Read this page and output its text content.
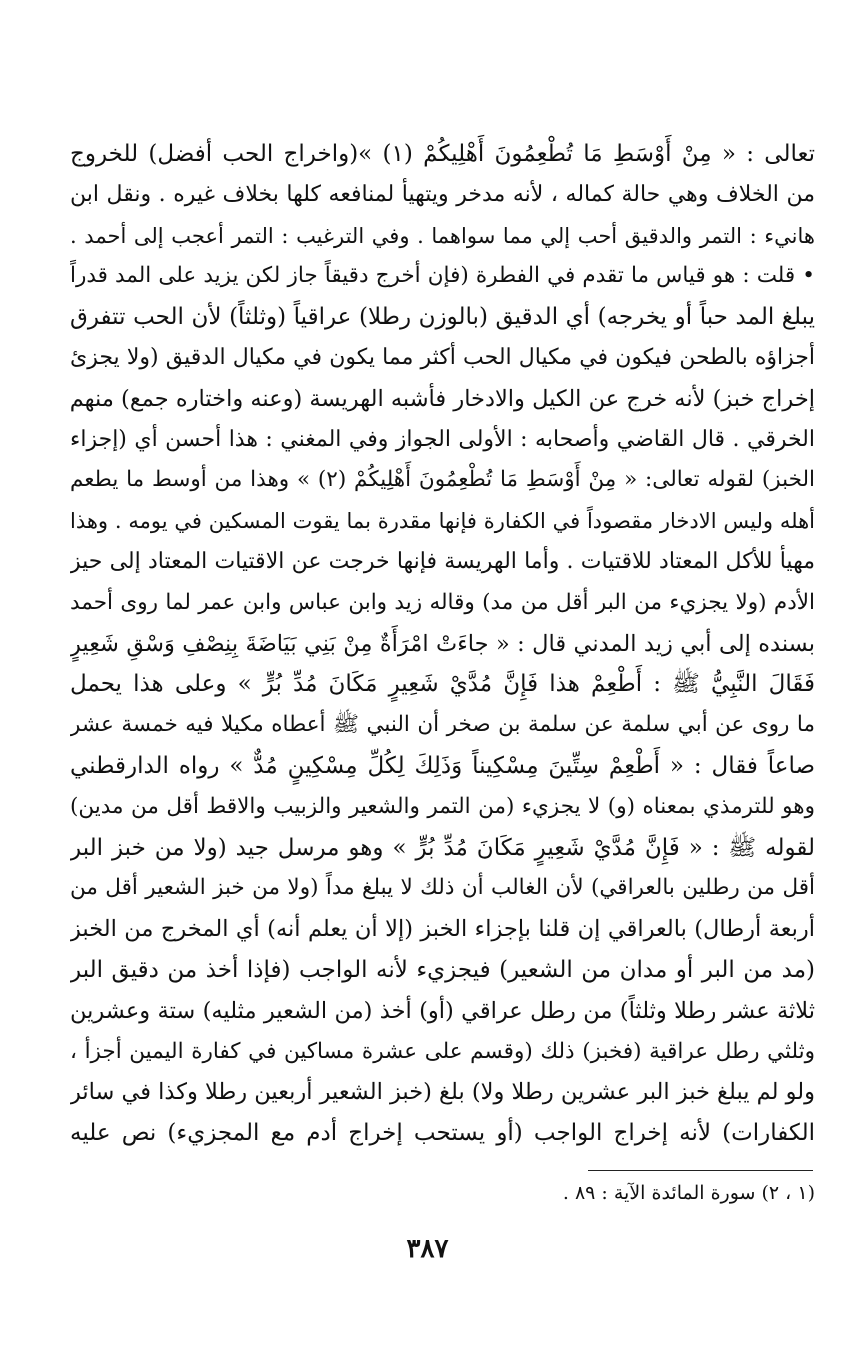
تعالى : « مِنْ أَوْسَطِ مَا تُطْعِمُونَ أَهْلِيكُمْ (١) »(واخراج الحب أفضل) للخروج
من الخلاف وهي حالة كماله ، لأنه مدخر ويتهيأ لمنافعه كلها بخلاف غيره . ونقل ابن
هانيء : التمر والدقيق أحب إلي مما سواهما . وفي الترغيب : التمر أعجب إلى أحمد .
• قلت : هو قياس ما تقدم في الفطرة (فإن أخرج دقيقاً جاز لكن يزيد على المد قدراً
يبلغ المد حباً أو يخرجه) أي الدقيق (بالوزن رطلا) عراقياً (وثلثاً) لأن الحب تتفرق
أجزاؤه بالطحن فيكون في مكيال الحب أكثر مما يكون في مكيال الدقيق (ولا يجزئ
إخراج خبز) لأنه خرج عن الكيل والادخار فأشبه الهريسة (وعنه واختاره جمع) منهم
الخرقي . قال القاضي وأصحابه : الأولى الجواز وفي المغني : هذا أحسن أي (إجزاء
الخبز) لقوله تعالى: « مِنْ أَوْسَطِ مَا تُطْعِمُونَ أَهْلِيكُمْ (٢) » وهذا من أوسط ما يطعم
أهله وليس الادخار مقصوداً في الكفارة فإنها مقدرة بما يقوت المسكين في يومه . وهذا
مهيأ للأكل المعتاد للاقتيات . وأما الهريسة فإنها خرجت عن الاقتيات المعتاد إلى حيز
الأدم (ولا يجزيء من البر أقل من مد) وقاله زيد وابن عباس وابن عمر لما روى أحمد
بسنده إلى أبي زيد المدني قال : « جاءَتْ امْرَأَةٌ مِنْ بَنِي بَيَاضَةَ بِنِصْفِ وَسْقِ شَعِيرٍ
فَقَالَ النَّبِيُّ ﷺ : أَطْعِمْ هذا فَإِنَّ مُدَّيْ شَعِيرٍ مَكَانَ مُدِّ بُرٍّ » وعلى هذا يحمل
ما روى عن أبي سلمة عن سلمة بن صخر أن النبي ﷺ أعطاه مكيلا فيه خمسة عشر
صاعاً فقال : « أَطْعِمْ سِتِّينَ مِسْكِيناً وَذَلِكَ لِكُلِّ مِسْكِينٍ مُدٌّ » رواه الدارقطني
وهو للترمذي بمعناه (و) لا يجزيء (من التمر والشعير والزبيب والاقط أقل من مدين)
لقوله ﷺ : « فَإِنَّ مُدَّيْ شَعِيرٍ مَكَانَ مُدِّ بُرٍّ » وهو مرسل جيد (ولا من خبز البر
أقل من رطلين بالعراقي) لأن الغالب أن ذلك لا يبلغ مداً (ولا من خبز الشعير أقل من
أربعة أرطال) بالعراقي إن قلنا بإجزاء الخبز (إلا أن يعلم أنه) أي المخرج من الخبز
(مد من البر أو مدان من الشعير) فيجزيء لأنه الواجب (فإذا أخذ من دقيق البر
ثلاثة عشر رطلا وثلثاً) من رطل عراقي (أو) أخذ (من الشعير مثليه) ستة وعشرين
وثلثي رطل عراقية (فخبز) ذلك (وقسم على عشرة مساكين في كفارة اليمين أجزأ ،
ولو لم يبلغ خبز البر عشرين رطلا ولا) بلغ (خبز الشعير أربعين رطلا وكذا في سائر
الكفارات) لأنه إخراج الواجب (أو يستحب إخراج أدم مع المجزيء) نص عليه
(١ ، ٢) سورة المائدة الآية : ٨٩ .
٣٨٧
